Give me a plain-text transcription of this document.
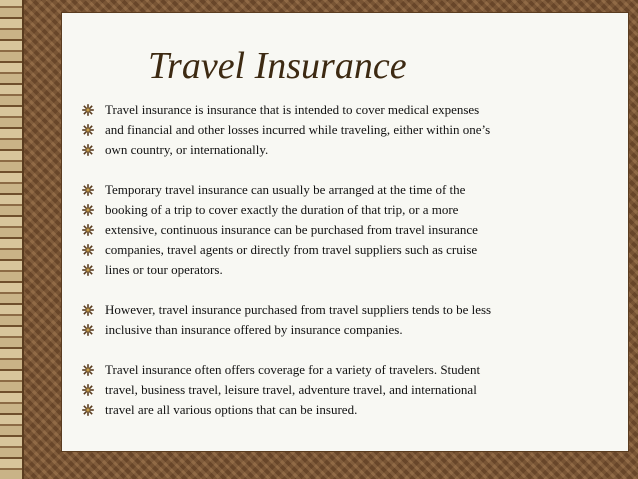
Travel Insurance
Travel insurance is insurance that is intended to cover medical expenses
and financial and other losses incurred while traveling, either within one’s
own country, or internationally.
Temporary travel insurance can usually be arranged at the time of the
booking of a trip to cover exactly the duration of that trip, or a more
extensive, continuous insurance can be purchased from travel insurance
companies, travel agents or directly from travel suppliers such as cruise
lines or tour operators.
However, travel insurance purchased from travel suppliers tends to be less
inclusive than insurance offered by insurance companies.
Travel insurance often offers coverage for a variety of travelers. Student
travel, business travel, leisure travel, adventure travel, and international
travel are all various options that can be insured.
